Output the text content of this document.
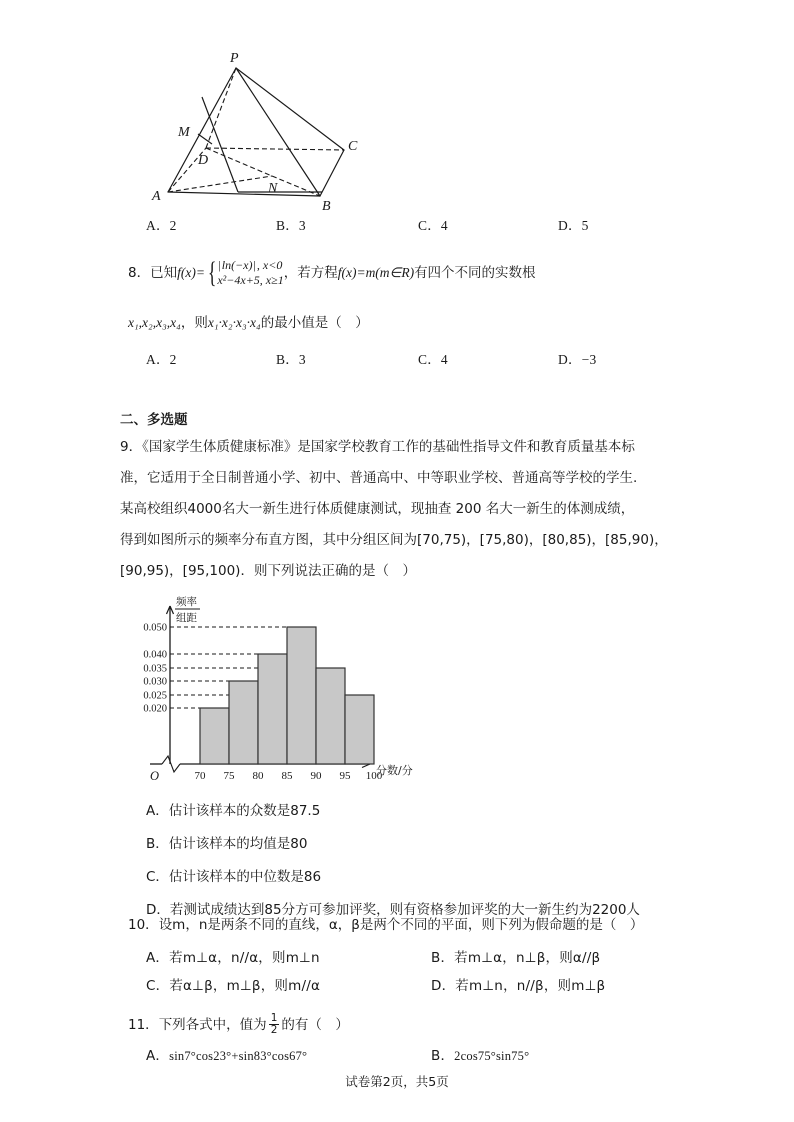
P
M
D
C
N
A
B
A．2	B．3	C．4	D．5
8．已知f(x)= { |ln(−x)|, x<0
x²−4x+5, x≥1 ，若方程f(x)=m(m∈R)有四个不同的实数根
x₁,x₂,x₃,x₄，则x₁·x₂·x₃·x₄的最小值是（　）
A．2	B．3	C．4	D．−3
二、多选题
9．《国家学生体质健康标准》是国家学校教育工作的基础性指导文件和教育质量基本标
准，它适用于全日制普通小学、初中、普通高中、中等职业学校、普通高等学校的学生.
某高校组织4000名大一新生进行体质健康测试，现抽查 200 名大一新生的体测成绩，
得到如图所示的频率分布直方图，其中分组区间为[70,75)，[75,80)，[80,85)，[85,90)，
[90,95)，[95,100)．则下列说法正确的是（　）
0.050
0.040
0.035
0.030
0.025
0.020
70 75 80 85 90 95 100
O
频率
组距
分数/分
A．估计该样本的众数是87.5
B．估计该样本的均值是80
C．估计该样本的中位数是86
D．若测试成绩达到85分方可参加评奖，则有资格参加评奖的大一新生约为2200人
10．设m，n是两条不同的直线，α，β是两个不同的平面，则下列为假命题的是（　）
A．若m⊥α，n//α，则m⊥n	B．若m⊥α，n⊥β，则α//β
C．若α⊥β，m⊥β，则m//α	D．若m⊥n，n//β，则m⊥β
11．下列各式中，值为 $\frac{1}{2}$ 的有（　）
A．sin7°cos23°+sin83°cos67°	B．2cos75°sin75°
试卷第2页，共5页
